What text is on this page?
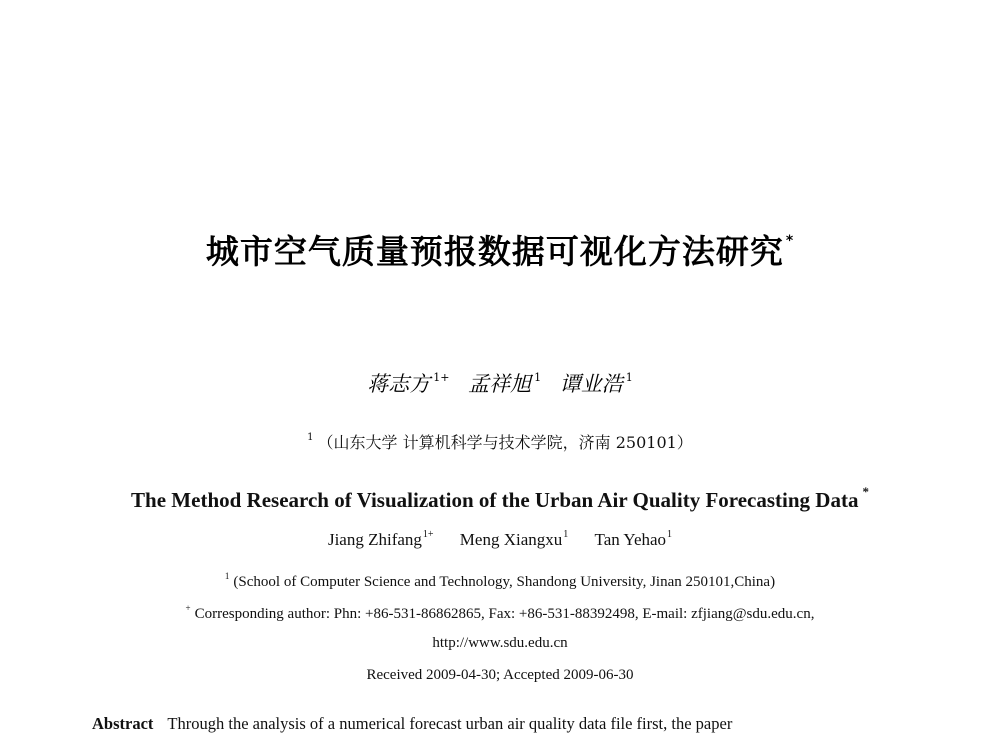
城市空气质量预报数据可视化方法研究 *
蒋志方 $^{1+}$ 孟祥旭 $^1$ 谭业浩 $^1$
$^1$ （山东大学 计算机科学与技术学院，济南 250101）
The Method Research of Visualization of the Urban Air Quality Forecasting Data *
Jiang Zhifang$^{1+}$ Meng Xiangxu$^1$ Tan Yehao$^1$
$^1$ (School of Computer Science and Technology, Shandong University, Jinan 250101,China)
+ Corresponding author: Phn: +86-531-86862865, Fax: +86-531-88392498, E-mail: zfjiang@sdu.edu.cn,
http://www.sdu.edu.cn
Received 2009-04-30; Accepted 2009-06-30
Abstract Through the analysis of a numerical forecast urban air quality data file first, the paper
